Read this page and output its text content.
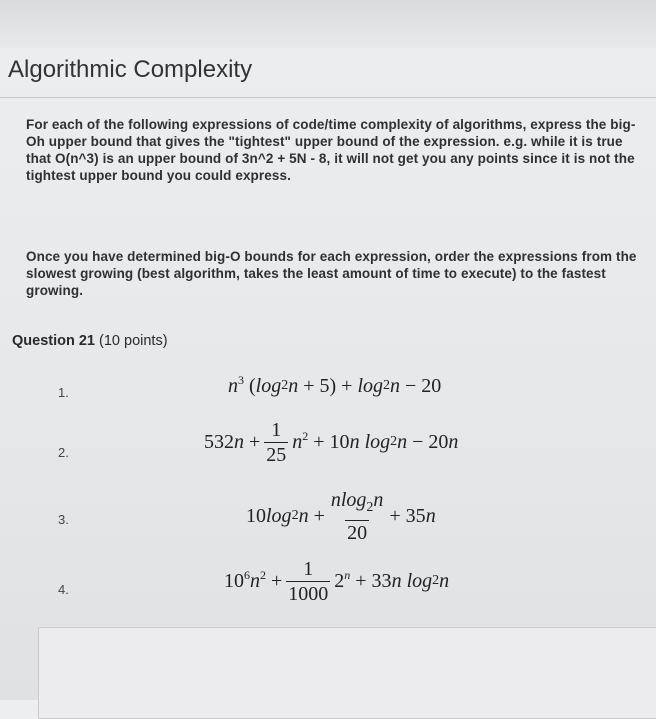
Algorithmic Complexity

For each of the following expressions of code/time complexity of algorithms, express the big-Oh upper bound that gives the "tightest" upper bound of the expression. e.g. while it is true that O(n^3) is an upper bound of 3n^2 + 5N - 8, it will not get you any points since it is not the tightest upper bound you could express.

Once you have determined big-O bounds for each expression, order the expressions from the slowest growing (best algorithm, takes the least amount of time to execute) to the fastest growing.

Question 21 (10 points)
1.	$n^3$ ( log 2 n + 5) + log 2 n − 20
2.	532 $n + \frac{1}{25} n^2 + 10$ n
log 2 n − 20 n
3.	10 log 2 $n + \frac{nlog_2n}{20} + 35$ n
4.	$10^6$ $n^2 + \frac{1}{1000} 2$ $^n$ + 33 n
log 2 n
